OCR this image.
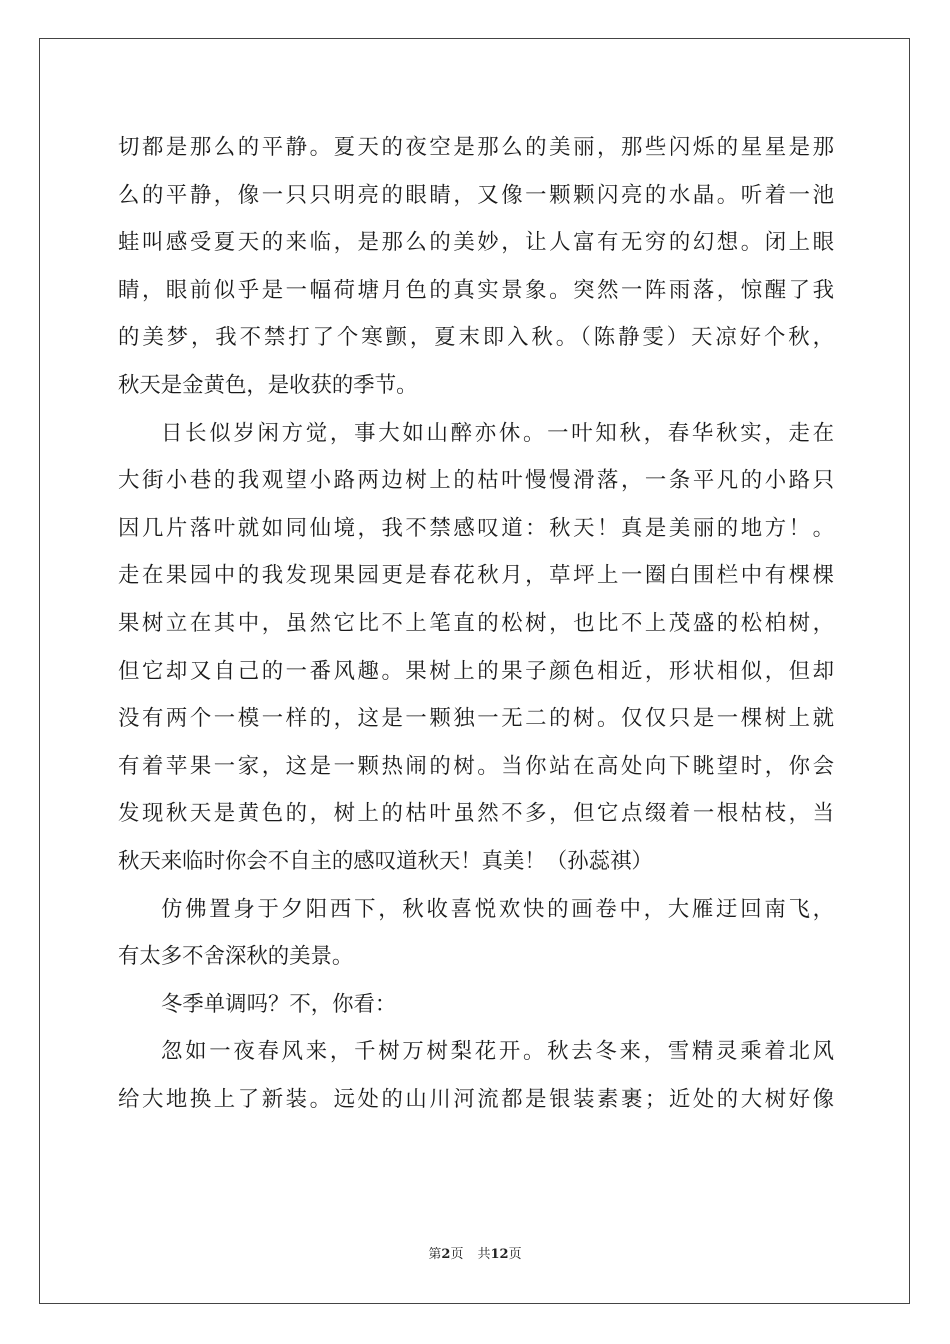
切都是那么的平静。夏天的夜空是那么的美丽，那些闪烁的星星是那
么的平静，像一只只明亮的眼睛，又像一颗颗闪亮的水晶。听着一池
蛙叫感受夏天的来临，是那么的美妙，让人富有无穷的幻想。闭上眼
睛，眼前似乎是一幅荷塘月色的真实景象。突然一阵雨落，惊醒了我
的美梦，我不禁打了个寒颤，夏末即入秋。（陈静雯）天凉好个秋，
秋天是金黄色，是收获的季节。
日长似岁闲方觉，事大如山醉亦休。一叶知秋，春华秋实，走在
大街小巷的我观望小路两边树上的枯叶慢慢滑落，一条平凡的小路只
因几片落叶就如同仙境，我不禁感叹道：秋天！真是美丽的地方！。
走在果园中的我发现果园更是春花秋月，草坪上一圈白围栏中有棵棵
果树立在其中，虽然它比不上笔直的松树，也比不上茂盛的松柏树，
但它却又自己的一番风趣。果树上的果子颜色相近，形状相似，但却
没有两个一模一样的，这是一颗独一无二的树。仅仅只是一棵树上就
有着苹果一家，这是一颗热闹的树。当你站在高处向下眺望时，你会
发现秋天是黄色的，树上的枯叶虽然不多，但它点缀着一根枯枝，当
秋天来临时你会不自主的感叹道秋天！真美！（孙蕊祺）
仿佛置身于夕阳西下，秋收喜悦欢快的画卷中，大雁迂回南飞，
有太多不舍深秋的美景。
冬季单调吗？不，你看：
忽如一夜春风来，千树万树梨花开。秋去冬来，雪精灵乘着北风
给大地换上了新装。远处的山川河流都是银装素裹；近处的大树好像
第2页 共12页
